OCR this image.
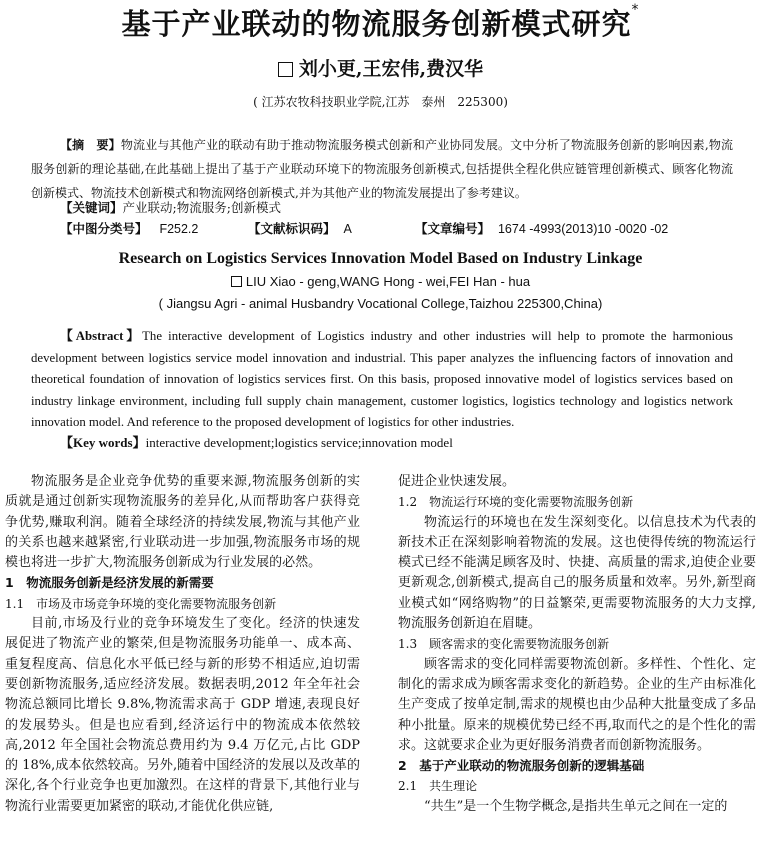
基于产业联动的物流服务创新模式研究*
刘小更,王宏伟,费汉华
( 江苏农牧科技职业学院,江苏　泰州　225300)
【摘　要】物流业与其他产业的联动有助于推动物流服务模式创新和产业协同发展。文中分析了物流服务创新的影响因素,物流服务创新的理论基础,在此基础上提出了基于产业联动环境下的物流服务创新模式,包括提供全程化供应链管理创新模式、顾客化物流创新模式、物流技术创新模式和物流网络创新模式,并为其他产业的物流发展提出了参考建议。
【关键词】产业联动;物流服务;创新模式
【中图分类号】 F252.2	【文献标识码】 A	【文章编号】 1674 -4993(2013)10 -0020 -02
Research on Logistics Services Innovation Model Based on Industry Linkage
LIU Xiao - geng,WANG Hong - wei,FEI Han - hua
( Jiangsu Agri - animal Husbandry Vocational College,Taizhou 225300,China)
【Abstract】The interactive development of Logistics industry and other industries will help to promote the harmonious development between logistics service model innovation and industrial. This paper analyzes the influencing factors of innovation and theoretical foundation of innovation of logistics services first. On this basis, proposed innovative model of logistics services based on industry linkage environment, including full supply chain management, customer logistics, logistics technology and logistics network innovation model. And reference to the proposed development of logistics for other industries.
【Key words】interactive development;logistics service;innovation model

物流服务是企业竞争优势的重要来源,物流服务创新的实质就是通过创新实现物流服务的差异化,从而帮助客户获得竞争优势,赚取利润。随着全球经济的持续发展,物流与其他产业的关系也越来越紧密,行业联动进一步加强,物流服务市场的规模也将进一步扩大,物流服务创新成为行业发展的必然。

1　物流服务创新是经济发展的新需要
1.1　市场及市场竞争环境的变化需要物流服务创新

目前,市场及行业的竞争环境发生了变化。经济的快速发展促进了物流产业的繁荣,但是物流服务功能单一、成本高、重复程度高、信息化水平低已经与新的形势不相适应,迫切需要创新物流服务,适应经济发展。数据表明,2012 年全年社会物流总额同比增长 9.8%,物流需求高于 GDP 增速,表现良好的发展势头。但是也应看到,经济运行中的物流成本依然较高,2012 年全国社会物流总费用约为 9.4 万亿元,占比 GDP 的 18%,成本依然较高。另外,随着中国经济的发展以及改革的深化,各个行业竞争也更加激烈。在这样的背景下,其他行业与物流行业需要更加紧密的联动,才能优化供应链,

促进企业快速发展。

1.2　物流运行环境的变化需要物流服务创新

物流运行的环境也在发生深刻变化。以信息技术为代表的新技术正在深刻影响着物流的发展。这也使得传统的物流运行模式已经不能满足顾客及时、快捷、高质量的需求,迫使企业要更新观念,创新模式,提高自己的服务质量和效率。另外,新型商业模式如“网络购物”的日益繁荣,更需要物流服务的大力支撑,物流服务创新迫在眉睫。

1.3　顾客需求的变化需要物流服务创新

顾客需求的变化同样需要物流创新。多样性、个性化、定制化的需求成为顾客需求变化的新趋势。企业的生产由标准化生产变成了按单定制,需求的规模也由少品种大批量变成了多品种小批量。原来的规模优势已经不再,取而代之的是个性化的需求。这就要求企业为更好服务消费者而创新物流服务。

2　基于产业联动的物流服务创新的逻辑基础
2.1　共生理论

“共生”是一个生物学概念,是指共生单元之间在一定的
